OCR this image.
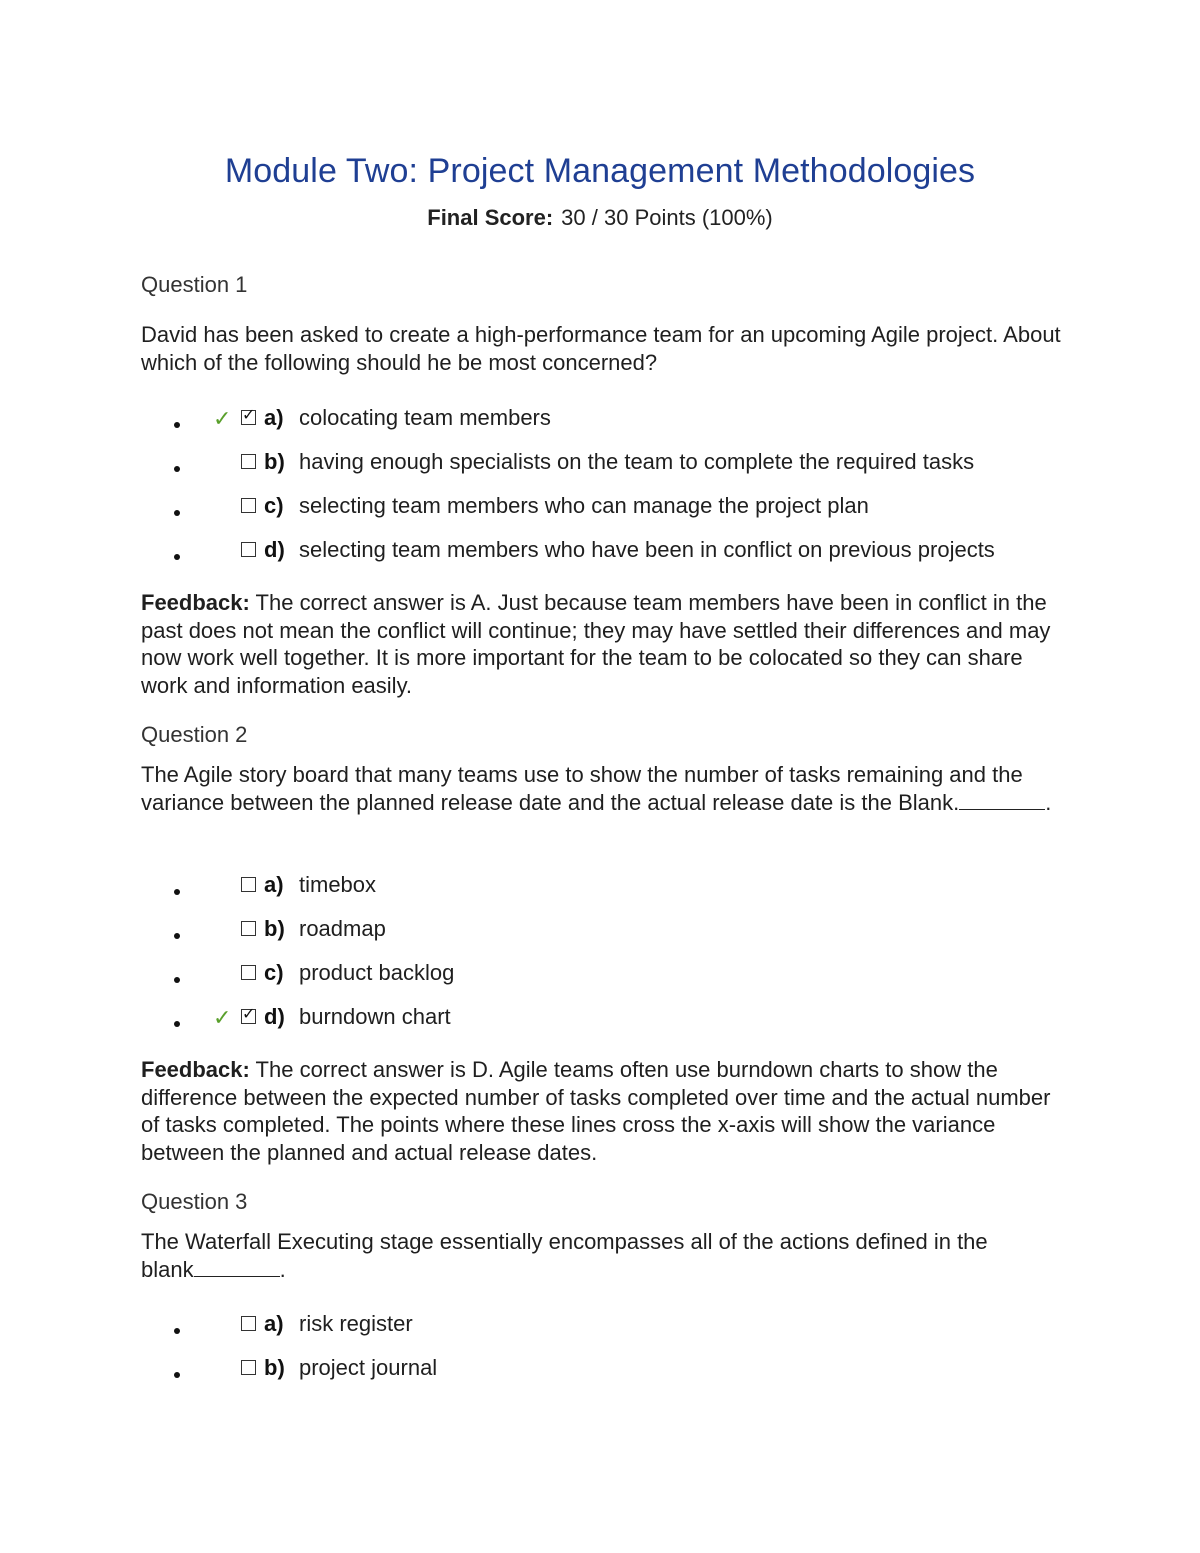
Module Two: Project Management Methodologies
Final Score: 30 / 30 Points (100%)
Question 1

David has been asked to create a high-performance team for an upcoming Agile project. About which of the following should he be most concerned?

✓ ✓ a) colocating team members
b) having enough specialists on the team to complete the required tasks
c) selecting team members who can manage the project plan
d) selecting team members who have been in conflict on previous projects

Feedback: The correct answer is A. Just because team members have been in conflict in the past does not mean the conflict will continue; they may have settled their differences and may now work well together. It is more important for the team to be colocated so they can share work and information easily.

Question 2

The Agile story board that many teams use to show the number of tasks remaining and the variance between the planned release date and the actual release date is the Blank.	.

a) timebox
b) roadmap
c) product backlog
✓ ✓ d) burndown chart

Feedback: The correct answer is D. Agile teams often use burndown charts to show the difference between the expected number of tasks completed over time and the actual number of tasks completed. The points where these lines cross the x-axis will show the variance between the planned and actual release dates.

Question 3

The Waterfall Executing stage essentially encompasses all of the actions defined in the blank	.

a) risk register
b) project journal
